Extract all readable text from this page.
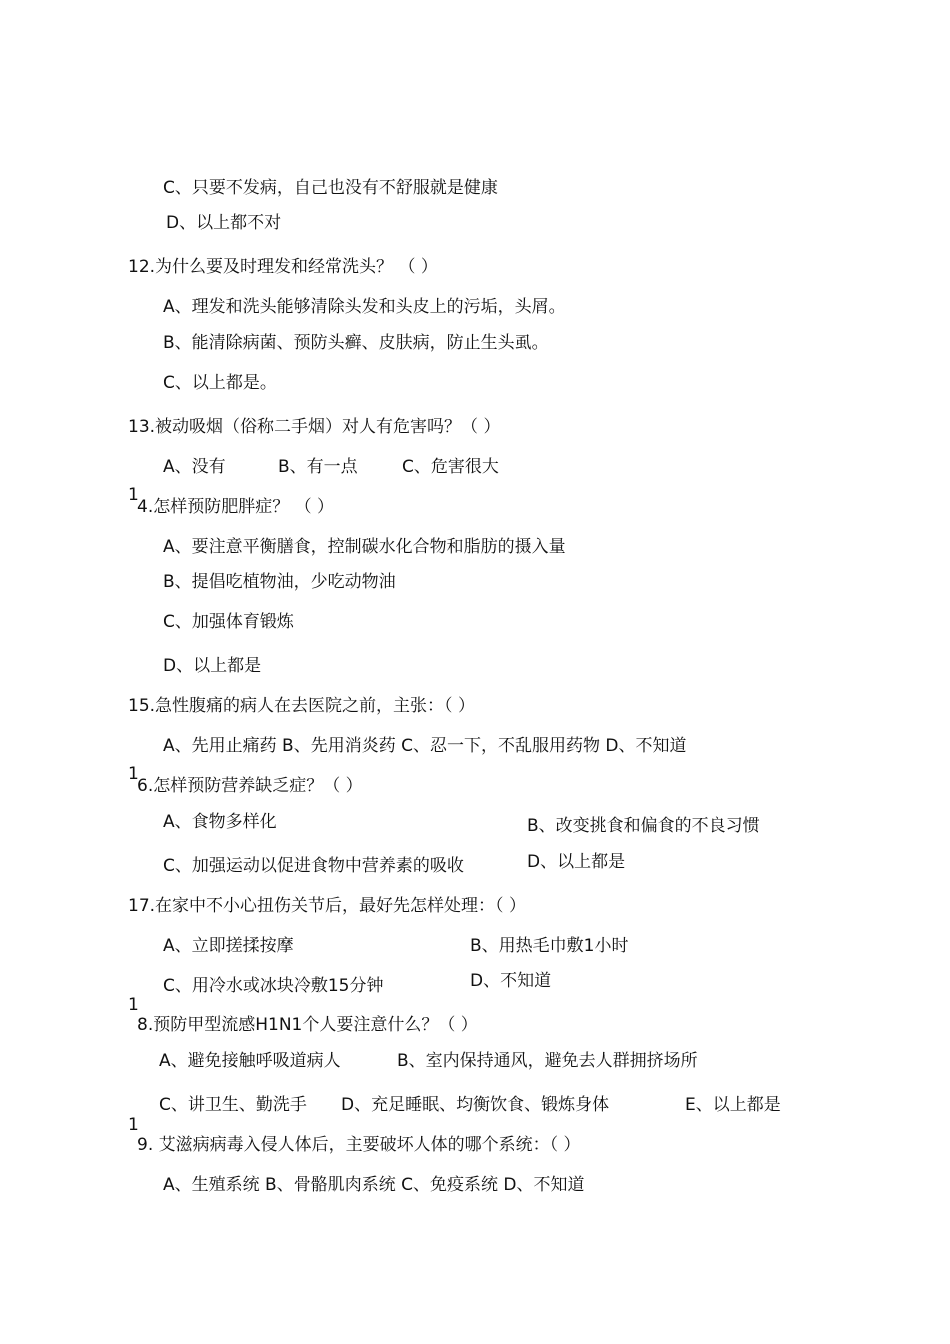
C、只要不发病，自己也没有不舒服就是健康
D、以上都不对
12.为什么要及时理发和经常洗头？ （ ）
A、理发和洗头能够清除头发和头皮上的污垢，头屑。
B、能清除病菌、预防头癣、皮肤病，防止生头虱。
C、以上都是。
13.被动吸烟（俗称二手烟）对人有危害吗？（ ）
A、没有	B、有一点	C、危害很大
1
4.怎样预防肥胖症？ （ ）
A、要注意平衡膳食，控制碳水化合物和脂肪的摄入量
B、提倡吃植物油，少吃动物油
C、加强体育锻炼
D、以上都是
15.急性腹痛的病人在去医院之前，主张：（ ）
A、先用止痛药 B、先用消炎药 C、忍一下，不乱服用药物 D、不知道
1
6.怎样预防营养缺乏症？（ ）
A、食物多样化	B、改变挑食和偏食的不良习惯
C、加强运动以促进食物中营养素的吸收	D、以上都是
17.在家中不小心扭伤关节后，最好先怎样处理：（ ）
A、立即搓揉按摩	B、用热毛巾敷1小时
C、用冷水或冰块冷敷15分钟	D、不知道
1
8.预防甲型流感H1N1个人要注意什么？（ ）
A、避免接触呼吸道病人	B、室内保持通风，避免去人群拥挤场所
C、讲卫生、勤洗手 D、充足睡眠、均衡饮食、锻炼身体	E、以上都是
1
9. 艾滋病病毒入侵人体后，主要破坏人体的哪个系统：（ ）
A、生殖系统 B、骨骼肌肉系统 C、免疫系统 D、不知道
